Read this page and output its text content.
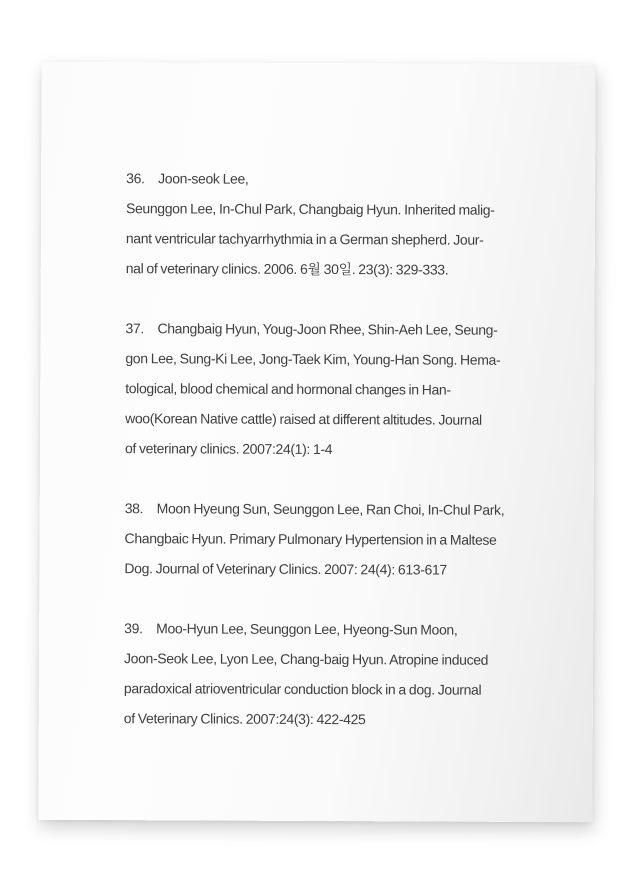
36. Joon-seok Lee,
Seunggon Lee, In-Chul Park, Changbaig Hyun. Inherited malig-
nant ventricular tachyarrhythmia in a German shepherd. Jour-
nal of veterinary clinics. 2006. 6월 30일. 23(3): 329-333.
37. Changbaig Hyun, Youg-Joon Rhee, Shin-Aeh Lee, Seung-
gon Lee, Sung-Ki Lee, Jong-Taek Kim, Young-Han Song. Hema-
tological, blood chemical and hormonal changes in Han-
woo(Korean Native cattle) raised at different altitudes. Journal
of veterinary clinics. 2007:24(1): 1-4
38. Moon Hyeung Sun, Seunggon Lee, Ran Choi, In-Chul Park,
Changbaic Hyun. Primary Pulmonary Hypertension in a Maltese
Dog. Journal of Veterinary Clinics. 2007: 24(4): 613-617
39. Moo-Hyun Lee, Seunggon Lee, Hyeong-Sun Moon,
Joon-Seok Lee, Lyon Lee, Chang-baig Hyun. Atropine induced
paradoxical atrioventricular conduction block in a dog. Journal
of Veterinary Clinics. 2007:24(3): 422-425
